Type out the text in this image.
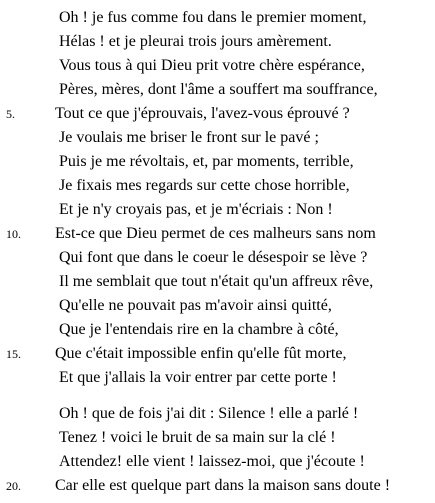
Oh ! je fus comme fou dans le premier moment,
Hélas ! et je pleurai trois jours amèrement.
Vous tous à qui Dieu prit votre chère espérance,
Pères, mères, dont l'âme a souffert ma souffrance,
5.	Tout ce que j'éprouvais, l'avez-vous éprouvé ?
Je voulais me briser le front sur le pavé ;
Puis je me révoltais, et, par moments, terrible,
Je fixais mes regards sur cette chose horrible,
Et je n'y croyais pas, et je m'écriais : Non !
10. Est-ce que Dieu permet de ces malheurs sans nom
Qui font que dans le coeur le désespoir se lève ?
Il me semblait que tout n'était qu'un affreux rêve,
Qu'elle ne pouvait pas m'avoir ainsi quitté,
Que je l'entendais rire en la chambre à côté,
15. Que c'était impossible enfin qu'elle fût morte,
Et que j'allais la voir entrer par cette porte !
Oh ! que de fois j'ai dit : Silence ! elle a parlé !
Tenez ! voici le bruit de sa main sur la clé !
Attendez! elle vient ! laissez-moi, que j'écoute !
20. Car elle est quelque part dans la maison sans doute !
